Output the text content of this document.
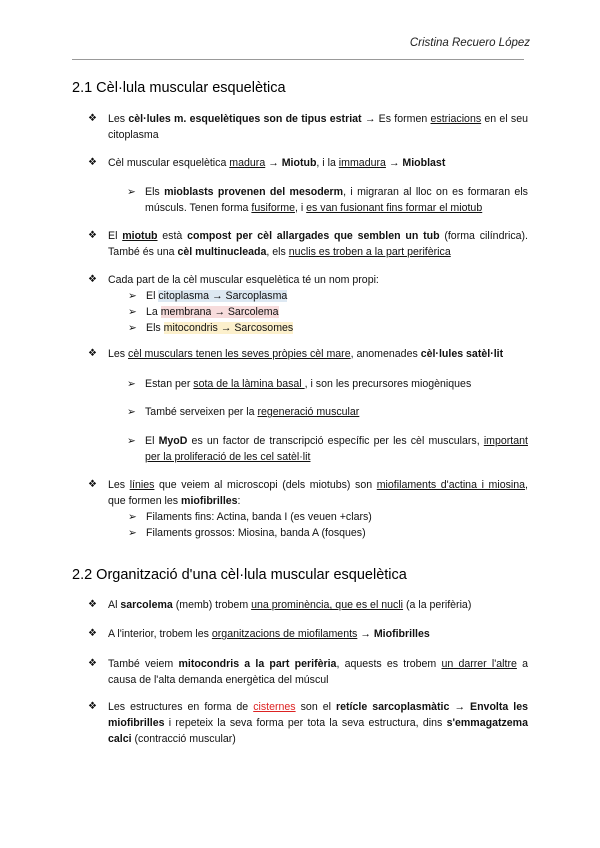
Cristina Recuero López
2.1 Cèl·lula muscular esquelètica
❖ Les cèl·lules m. esquelètiques son de tipus estriat → Es formen estriacions en el seu citoplasma
❖ Cèl muscular esquelètica madura → Miotub, i la immadura → Mioblast
➢ Els mioblasts provenen del mesoderm, i migraran al lloc on es formaran els músculs. Tenen forma fusiforme, i es van fusionant fins formar el miotub
❖ El miotub està compost per cèl allargades que semblen un tub (forma cilíndrica). També és una cèl multinucleada, els nuclis es troben a la part perifèrica
❖ Cada part de la cèl muscular esquelètica té un nom propi:
➢ El citoplasma → Sarcoplasma
➢ La membrana → Sarcolema
➢ Els mitocondris → Sarcosomes
❖ Les cèl musculars tenen les seves pròpies cèl mare, anomenades cèl·lules satèl·lit
➢ Estan per sota de la làmina basal , i son les precursores miogèniques
➢ També serveixen per la regeneració muscular
➢ El MyoD es un factor de transcripció específic per les cèl musculars, important per la proliferació de les cel satèl·lit
❖ Les línies que veiem al microscopi (dels miotubs) son miofilaments d'actina i miosina, que formen les miofibrilles:
➢ Filaments fins: Actina, banda I (es veuen +clars)
➢ Filaments grossos: Miosina, banda A (fosques)
2.2 Organització d'una cèl·lula muscular esquelètica
❖ Al sarcolema (memb) trobem una prominència, que es el nucli (a la perifèria)
❖ A l'interior, trobem les organitzacions de miofilaments → Miofibrilles
❖ També veiem mitocondris a la part perifèria, aquests es trobem un darrer l'altre a causa de l'alta demanda energètica del múscul
❖ Les estructures en forma de cisternes son el retícle sarcoplasmàtic → Envolta les miofibrilles i repeteix la seva forma per tota la seva estructura, dins s'emmagatzema calci (contracció muscular)
